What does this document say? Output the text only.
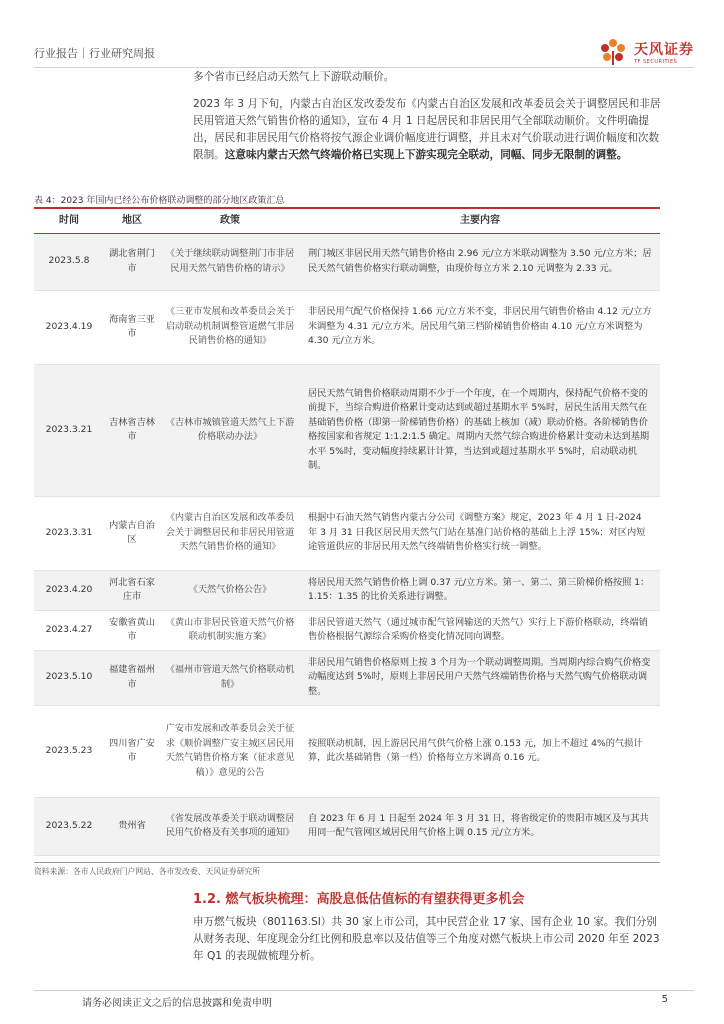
行业报告｜行业研究周报	天风证券
TF SECURITIES
多个省市已经启动天然气上下游联动顺价。
2023 年 3 月下旬，内蒙古自治区发改委发布《内蒙古自治区发展和改革委员会关于调整居民和非居民用管道天然气销售价格的通知》，宣布 4 月 1 日起居民和非居民用气全部联动顺价。文件明确提出，居民和非居民用气价格将按气源企业调价幅度进行调整，并且未对气价联动进行调价幅度和次数限制。这意味内蒙古天然气终端价格已实现上下游实现完全联动，同幅、同步无限制的调整。
表 4：2023 年国内已经公布价格联动调整的部分地区政策汇总
时间	地区	政策	主要内容
2023.5.8	湖北省荆门市	《关于继续联动调整荆门市非居民用天然气销售价格的请示》	荆门城区非居民用天然气销售价格由 2.96 元/立方米联动调整为 3.50 元/立方米；居民天然气销售价格实行联动调整，由现价每立方米 2.10 元调整为 2.33 元。
2023.4.19	海南省三亚市	《三亚市发展和改革委员会关于启动联动机制调整管道燃气非居民销售价格的通知》	非居民用气配气价格保持 1.66 元/立方米不变，非居民用气销售价格由 4.12 元/立方米调整为 4.31 元/立方米。居民用气第三档阶梯销售价格由 4.10 元/立方米调整为 4.30 元/立方米。
2023.3.21	吉林省吉林市	《吉林市城镇管道天然气上下游价格联动办法》	居民天然气销售价格联动周期不少于一个年度，在一个周期内，保持配气价格不变的前提下，当综合购进价格累计变动达到或超过基期水平 5%时，居民生活用天然气在基础销售价格（即第一阶梯销售价格）的基础上核加（减）联动价格。各阶梯销售价格按国家和省规定 1:1.2:1.5 确定。周期内天然气综合购进价格累计变动未达到基期水平 5%时，变动幅度持续累计计算，当达到或超过基期水平 5%时，启动联动机制。
2023.3.31	内蒙古自治区	《内蒙古自治区发展和改革委员会关于调整居民和非居民用管道天然气销售价格的通知》	根据中石油天然气销售内蒙古分公司《调整方案》规定，2023 年 4 月 1 日-2024 年 3 月 31 日我区居民用天然气门站在基准门站价格的基础上上浮 15%；对区内短途管道供应的非居民用天然气终端销售价格实行统一调整。
2023.4.20	河北省石家庄市	《天然气价格公告》	将居民用天然气销售价格上调 0.37 元/立方米。第一、第二、第三阶梯价格按照 1：1.15：1.35 的比价关系进行调整。
2023.4.27	安徽省黄山市	《黄山市非居民管道天然气价格联动机制实施方案》	非居民管道天然气（通过城市配气管网输送的天然气）实行上下游价格联动，终端销售价格根据气源综合采购价格变化情况同向调整。
2023.5.10	福建省福州市	《福州市管道天然气价格联动机制》	非居民用气销售价格原则上按 3 个月为一个联动调整周期。当周期内综合购气价格变动幅度达到 5%时，原则上非居民用户天然气终端销售价格与天然气购气价格联动调整。
2023.5.23	四川省广安市	广安市发展和改革委员会关于征求《顺价调整广安主城区居民用天然气销售价格方案（征求意见稿）》意见的公告	按照联动机制，因上游居民用气供气价格上涨 0.153 元，加上不超过 4%的气损计算，此次基础销售（第一档）价格每立方米调高 0.16 元。
2023.5.22	贵州省	《省发展改革委关于联动调整居民用气价格及有关事项的通知》	自 2023 年 6 月 1 日起至 2024 年 3 月 31 日，将省级定价的贵阳市城区及与其共用同一配气管网区域居民用气价格上调 0.15 元/立方米。
资料来源：各市人民政府门户网站、各市发改委、天风证券研究所
1.2. 燃气板块梳理：高股息低估值标的有望获得更多机会
申万燃气板块（801163.SI）共 30 家上市公司，其中民营企业 17 家、国有企业 10 家。我们分别从财务表现、年度现金分红比例和股息率以及估值等三个角度对燃气板块上市公司 2020 年至 2023 年 Q1 的表现做梳理分析。
请务必阅读正文之后的信息披露和免责申明	5
